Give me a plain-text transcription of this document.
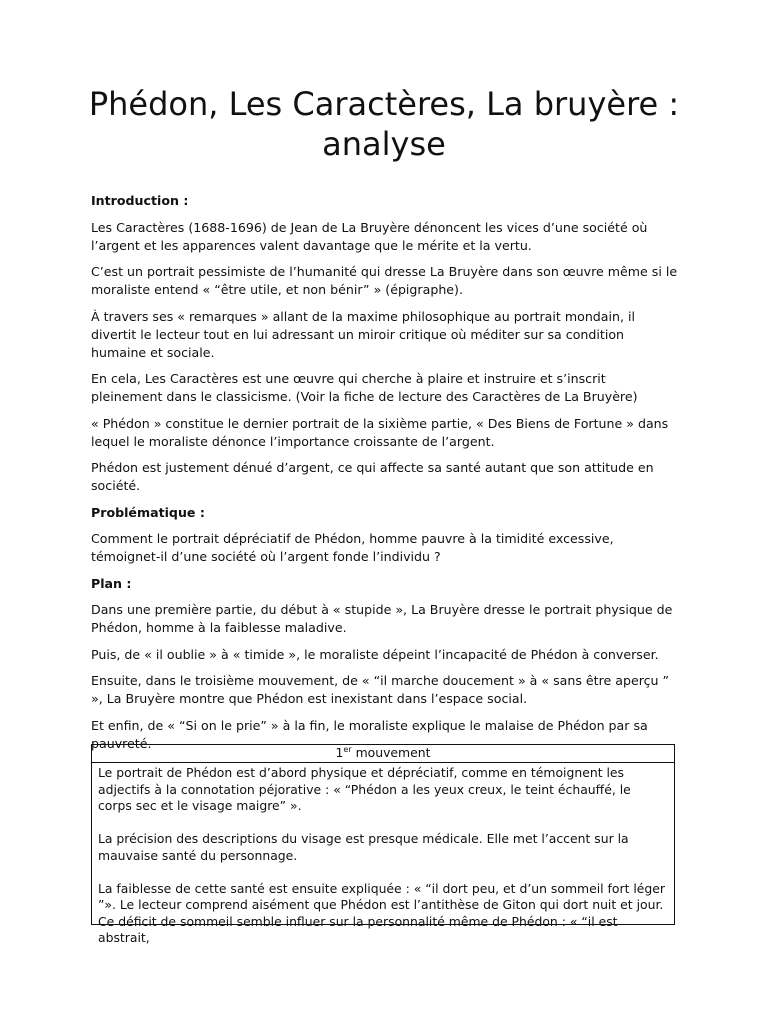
Phédon, Les Caractères, La bruyère : analyse

Introduction :

Les Caractères (1688-1696) de Jean de La Bruyère dénoncent les vices d’une société où l’argent et les apparences valent davantage que le mérite et la vertu.

C’est un portrait pessimiste de l’humanité qui dresse La Bruyère dans son œuvre même si le moraliste entend « “être utile, et non bénir” » (épigraphe).

À travers ses « remarques » allant de la maxime philosophique au portrait mondain, il divertit le lecteur tout en lui adressant un miroir critique où méditer sur sa condition humaine et sociale.

En cela, Les Caractères est une œuvre qui cherche à plaire et instruire et s’inscrit pleinement dans le classicisme. (Voir la fiche de lecture des Caractères de La Bruyère)

« Phédon » constitue le dernier portrait de la sixième partie, « Des Biens de Fortune » dans lequel le moraliste dénonce l’importance croissante de l’argent.

Phédon est justement dénué d’argent, ce qui affecte sa santé autant que son attitude en société.

Problématique :

Comment le portrait dépréciatif de Phédon, homme pauvre à la timidité excessive, témoignet-il d’une société où l’argent fonde l’individu ?

Plan :

Dans une première partie, du début à « stupide », La Bruyère dresse le portrait physique de Phédon, homme à la faiblesse maladive.

Puis, de « il oublie » à « timide », le moraliste dépeint l’incapacité de Phédon à converser.

Ensuite, dans le troisième mouvement, de « “il marche doucement » à « sans être aperçu ” », La Bruyère montre que Phédon est inexistant dans l’espace social.

Et enfin, de « “Si on le prie” » à la fin, le moraliste explique le malaise de Phédon par sa pauvreté.

1er mouvement

Le portrait de Phédon est d’abord physique et dépréciatif, comme en témoignent les adjectifs à la connotation péjorative : « “Phédon a les yeux creux, le teint échauffé, le corps sec et le visage maigre” ».

La précision des descriptions du visage est presque médicale. Elle met l’accent sur la mauvaise santé du personnage.

La faiblesse de cette santé est ensuite expliquée : « “il dort peu, et d’un sommeil fort léger ”». Le lecteur comprend aisément que Phédon est l’antithèse de Giton qui dort nuit et jour.

Ce déficit de sommeil semble influer sur la personnalité même de Phédon : « “il est abstrait,
